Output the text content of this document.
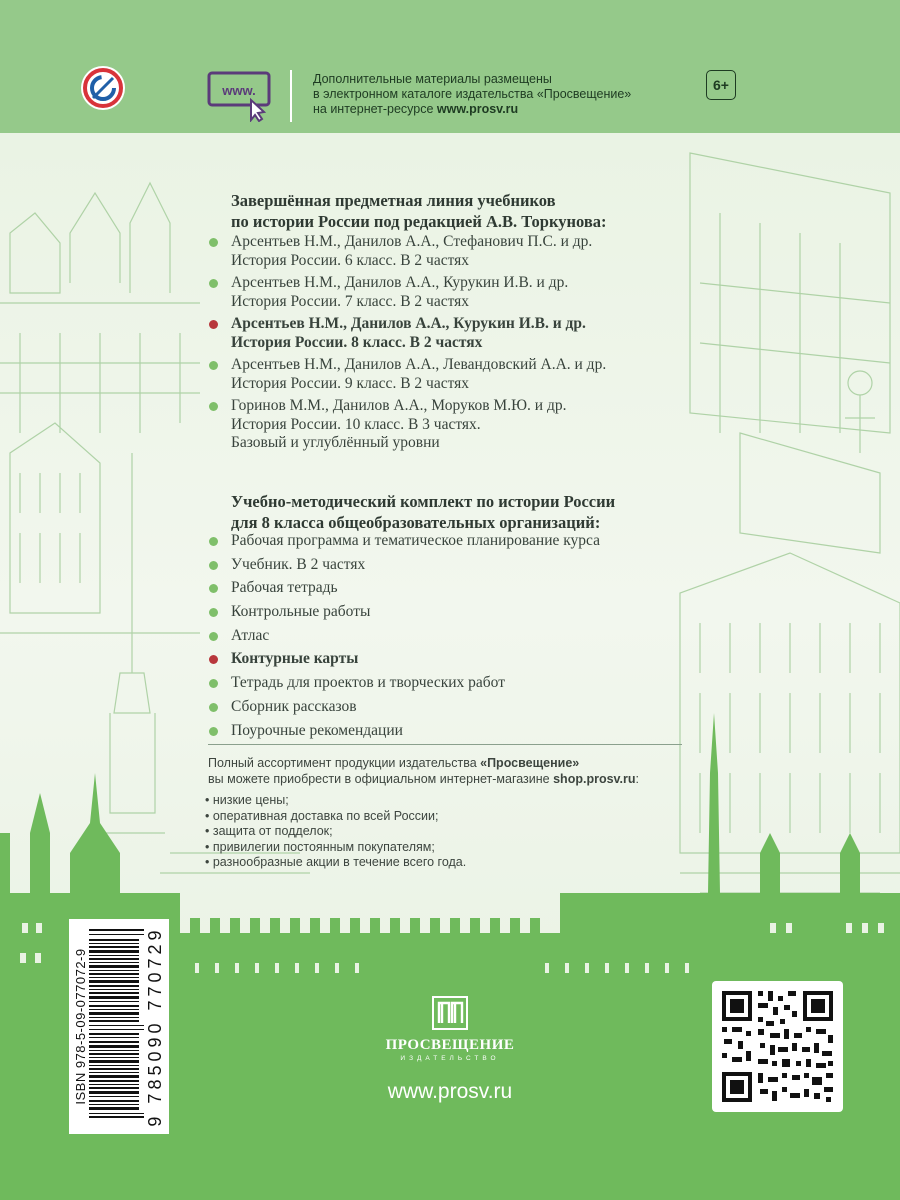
www.
Дополнительные материалы размещены
в электронном каталоге издательства «Просвещение»
на интернет-ресурсе www.prosv.ru
6+
Завершённая предметная линия учебников
по истории России под редакцией А.В. Торкунова:
Арсентьев Н.М., Данилов А.А., Стефанович П.С. и др.
История России. 6 класс. В 2 частях
Арсентьев Н.М., Данилов А.А., Курукин И.В. и др.
История России. 7 класс. В 2 частях
Арсентьев Н.М., Данилов А.А., Курукин И.В. и др.
История России. 8 класс. В 2 частях
Арсентьев Н.М., Данилов А.А., Левандовский А.А. и др.
История России. 9 класс. В 2 частях
Горинов М.М., Данилов А.А., Моруков М.Ю. и др.
История России. 10 класс. В 3 частях.
Базовый и углублённый уровни
Учебно-методический комплект по истории России
для 8 класса общеобразовательных организаций:
Рабочая программа и тематическое планирование курса
Учебник. В 2 частях
Рабочая тетрадь
Контрольные работы
Атлас
Контурные карты
Тетрадь для проектов и творческих работ
Сборник рассказов
Поурочные рекомендации
Полный ассортимент продукции издательства «Просвещение»
вы можете приобрести в официальном интернет-магазине shop.prosv.ru:
• низкие цены;
• оперативная доставка по всей России;
• защита от подделок;
• привилегии постоянным покупателям;
• разнообразные акции в течение всего года.
ISBN 978-5-09-077072-9	9 785090 770729	ПРОСВЕЩЕНИЕ
ИЗДАТЕЛЬСТВО
www.prosv.ru
